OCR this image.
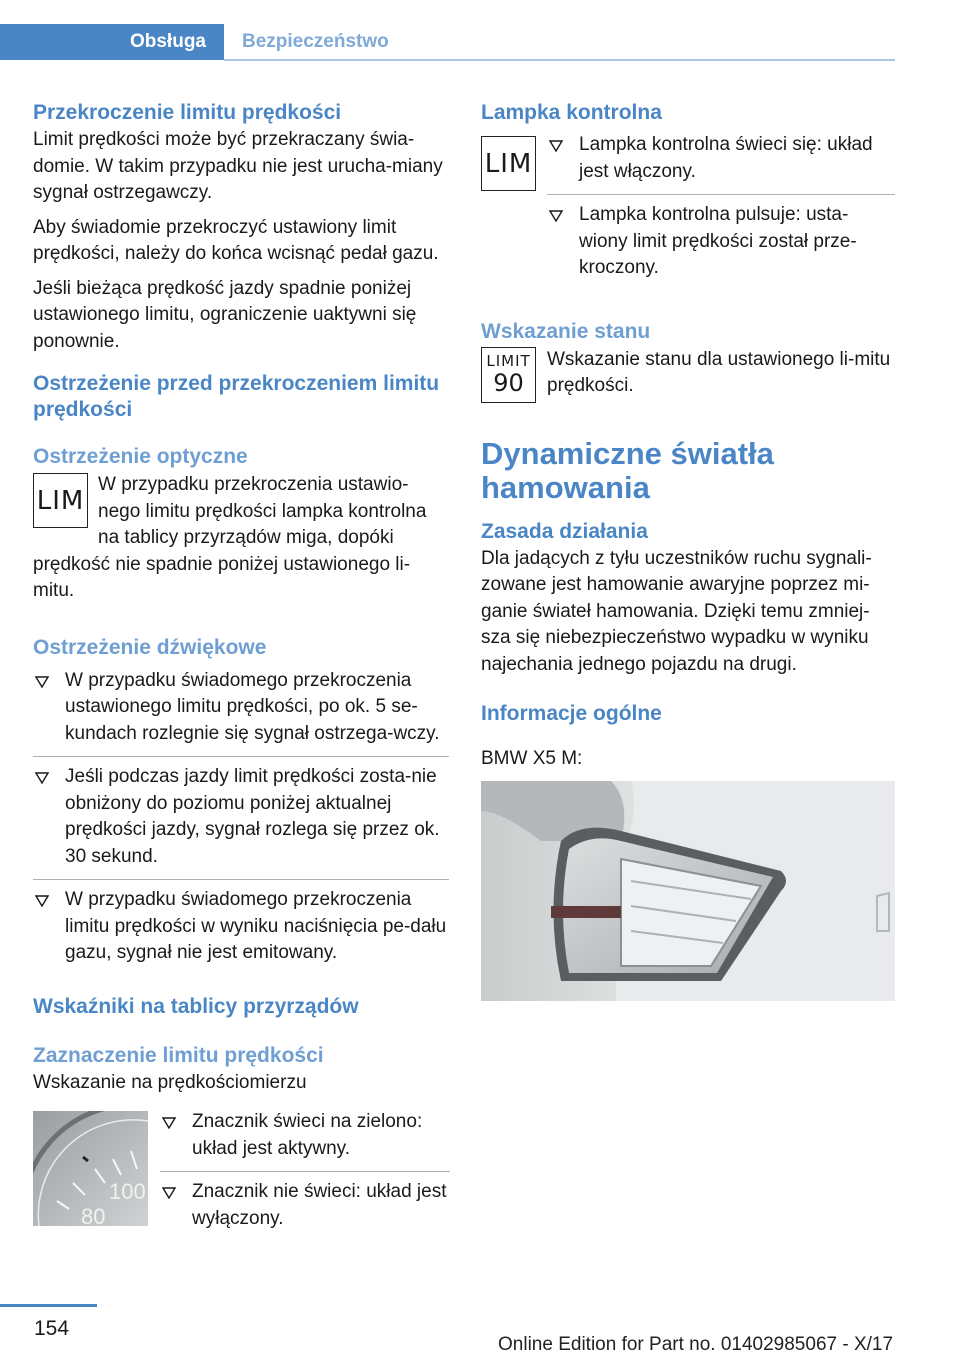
Obsługa	Bezpieczeństwo
Przekroczenie limitu prędkości

Limit prędkości może być przekraczany świa-domie. W takim przypadku nie jest urucha-miany sygnał ostrzegawczy.

Aby świadomie przekroczyć ustawiony limit prędkości, należy do końca wcisnąć pedał gazu.

Jeśli bieżąca prędkość jazdy spadnie poniżej ustawionego limitu, ograniczenie uaktywni się ponownie.

Ostrzeżenie przed przekroczeniem limitu prędkości
Ostrzeżenie optyczne
LIM

W przypadku przekroczenia ustawio-nego limitu prędkości lampka kontrolna na tablicy przyrządów miga, dopóki

prędkość nie spadnie poniżej ustawionego li-mitu.

Ostrzeżenie dźwiękowe
W przypadku świadomego przekroczenia ustawionego limitu prędkości, po ok. 5 se-kundach rozlegnie się sygnał ostrzega-wczy.
Jeśli podczas jazdy limit prędkości zosta-nie obniżony do poziomu poniżej aktualnej prędkości jazdy, sygnał rozlega się przez ok. 30 sekund.
W przypadku świadomego przekroczenia limitu prędkości w wyniku naciśnięcia pe-dału gazu, sygnał nie jest emitowany.
Wskaźniki na tablicy przyrządów
Zaznaczenie limitu prędkości

Wskazanie na prędkościomierzu

100
80
Znacznik świeci na zielono: układ jest aktywny.
Znacznik nie świeci: układ jest wyłączony.
Lampka kontrolna
LIM
Lampka kontrolna świeci się: układ jest włączony.
Lampka kontrolna pulsuje: usta-wiony limit prędkości został prze-kroczony.
Wskazanie stanu
LIMIT
90

Wskazanie stanu dla ustawionego li-mitu prędkości.

Dynamiczne światła hamowania
Zasada działania

Dla jadących z tyłu uczestników ruchu sygnali-zowane jest hamowanie awaryjne poprzez mi-ganie świateł hamowania. Dzięki temu zmniej-sza się niebezpieczeństwo wypadku w wyniku najechania jednego pojazdu na drugi.

Informacje ogólne

BMW X5 M:

154
Online Edition for Part no. 01402985067 - X/17
